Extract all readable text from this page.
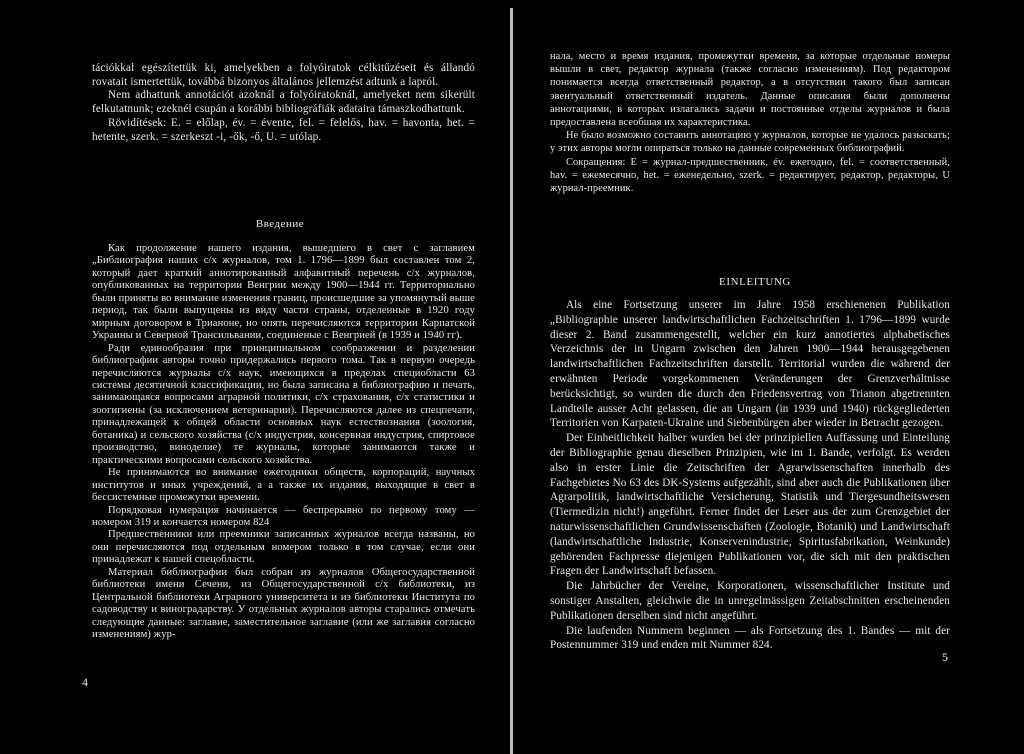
tációkkal egészítettük ki, amelyekben a folyóiratok célkitűzéseit és állandó rovatait ismertettük, továbbá bizonyos általános jellemzést adtunk a lapról.

Nem adhattunk annotációt azoknál a folyóiratoknál, amelyeket nem sikerült felkutatnunk; ezeknél csupán a korábbi bibliográfiák adataira támaszkodhattunk.

Rövidítések: E. = előlap, év. = évente, fel. = felelős, hav. = havonta, het. = hetente, szerk. = szerkeszt -i, -ők, -ő, U. = utólap.

Введение

Как продолжение нашего издания, вышедшего в свет с заглавием „Библиография наших с/х журналов, том 1. 1796—1899 был составлен том 2, который дает краткий аннотированный алфавитный перечень с/х журналов, опубликованных на территории Венгрии между 1900—1944 гг. Территориально были приняты во внимание изменения границ, происшедшие за упомянутый выше период, так были выпущены из виду части страны, отделенные в 1920 году мирным договором в Трианоне, но опять перечисляются территории Карпатской Украины и Северной Трансильвании, соединеные с Венгрией (в 1939 и 1940 гг).

Ради единообразия при принципиальном сообразжении и разделении библиографии авторы точно придержались первого тома. Так в первую очередь перечисляются журналы с/х наук, имеющихся в пределах специобласти 63 системы десятичной классификации, но была записана в библиографию и печать, занимающаяся вопросами аграрной политики, с/х страхования, с/х статистики и зоогигиены (за исключением ветеринарии). Перечисляются далее из спецпечати, принадлежащей к общей области основных наук естествознания (зоология, ботаника) и сельского хозяйства (с/х индустрия, консервная индустрия, спиртовое производство, виноделие) те журналы, которые занимаются также и практическими вопросами сельского хозяйства.

Не принимаются во внимание ежегодники обществ, корпораций, научных институтов и иных учреждений, а а также их издания, выходящие в свет в бессистемные промежутки времени.

Порядковая нумерация начинается — беспрерывно по первому тому — номером 319 и кончается номером 824

Предшественники или преемники записанных журналов всегда названы, но они перечисляются под отдельным номером только в том случае, если они принадлежат к нашей спецобласти.

Материал библиографии был собран из журналов Общегосударственной библиотеки имени Сечени, из Общегосударственной с/х библиотеки, из Центральной библиотеки Аграрного университета и из библиотеки Института по садоводству и виноградарству. У отдельных журналов авторы старались отмечать следующие данные: заглавие, заместительное заглавие (или же заглавия согласно изменениям) жур-

4

нала, место и время издания, промежутки времени, за которые отдельные номеры вышли в свет, редактор журнала (также согласно изменениям). Под редактором понимается всегда ответственный редактор, а в отсутствии такого был записан эвентуальный ответственный издатель. Данные описания были дополнены аннотациями, в которых излагались задачи и постоянные отделы журналов и была предоставлена всеобшая их характеристика.

Не было возможно составить аннотацию у журналов, которые не удалось разыскать; у этих авторы могли опираться только на данные современных библиографий.

Сокращения: E = журнал-предшественник, év. ежегодно, fel. = соответственный, hav. = ежемесячно, het. = еженедельно, szerk. = редактирует, редактор, редакторы, U журнал-преемник.

EINLEITUNG

Als eine Fortsetzung unserer im Jahre 1958 erschienenen Publikation „Bibliographie unserer landwirtschaftlichen Fachzeitschriften 1. 1796—1899 wurde dieser 2. Band zusammengestellt, welcher ein kurz annotiertes alphabetisches Verzeichnis der in Ungarn zwischen den Jahren 1900—1944 herausgegebenen landwirtschaftlichen Fachzeitschriften darstellt. Territorial wurden die während der erwähnten Periode vorgekommenen Veränderungen der Grenzverhältnisse berücksichtigt, so wurden die durch den Friedensvertrag von Trianon abgetrennten Landteile ausser Acht gelassen, die an Ungarn (in 1939 und 1940) rückgegliederten Territorien von Karpaten-Ukraine und Siebenbürgen aber wieder in Betracht gezogen.

Der Einheitlichkeit halber wurden bei der prinzipiellen Auffassung und Einteilung der Bibliographie genau dieselben Prinzipien, wie im 1. Bande, verfolgt. Es werden also in erster Linie die Zeitschriften der Agrarwissenschaften innerhalb des Fachgebietes No 63 des DK-Systems aufgezählt, sind aber auch die Publikationen über Agrarpolitik, landwirtschaftliche Versicherung, Statistik und Tiergesundheitswesen (Tiermedizin nicht!) angeführt. Ferner findet der Leser aus der zum Grenzgebiet der naturwissenschaftlichen Grundwissenschaften (Zoologie, Botanik) und Landwirtschaft (landwirtschaftliche Industrie, Konservenindustrie, Spiritusfabrikation, Weinkunde) gehörenden Fachpresse diejenigen Publikationen vor, die sich mit den praktischen Fragen der Landwirtschaft befassen.

Die Jahrbücher der Vereine, Korporationen, wissenschaftlicher Institute und sonstiger Anstalten, gleichwie die in unregelmässigen Zeitabschnitten erscheinenden Publikationen derselben sind nicht angeführt.

Die laufenden Nummern beginnen — als Fortsetzung des 1. Bandes — mit der Postennummer 319 und enden mit Nummer 824.

5
